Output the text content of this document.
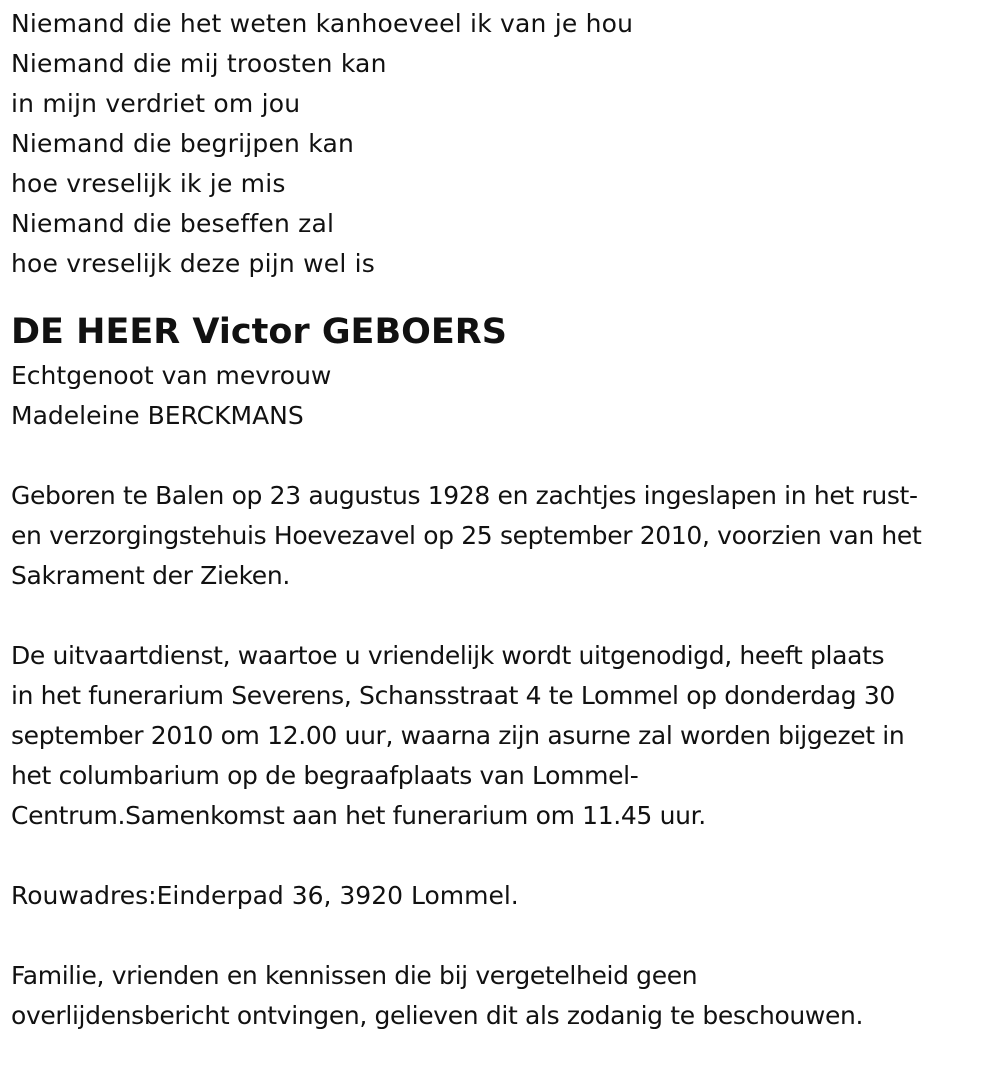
Niemand die het weten kanhoeveel ik van je hou
Niemand die mij troosten kan
in mijn verdriet om jou
Niemand die begrijpen kan
hoe vreselijk ik je mis
Niemand die beseffen zal
hoe vreselijk deze pijn wel is
DE HEER Victor GEBOERS
Echtgenoot van mevrouw
Madeleine BERCKMANS
Geboren te Balen op 23 augustus 1928 en zachtjes ingeslapen in het rust-
en verzorgingstehuis Hoevezavel op 25 september 2010, voorzien van het
Sakrament der Zieken.
De uitvaartdienst, waartoe u vriendelijk wordt uitgenodigd, heeft plaats
in het funerarium Severens, Schansstraat 4 te Lommel op donderdag 30
september 2010 om 12.00 uur, waarna zijn asurne zal worden bijgezet in
het columbarium op de begraafplaats van Lommel-
Centrum.Samenkomst aan het funerarium om 11.45 uur.
Rouwadres:Einderpad 36, 3920 Lommel.
Familie, vrienden en kennissen die bij vergetelheid geen
overlijdensbericht ontvingen, gelieven dit als zodanig te beschouwen.
